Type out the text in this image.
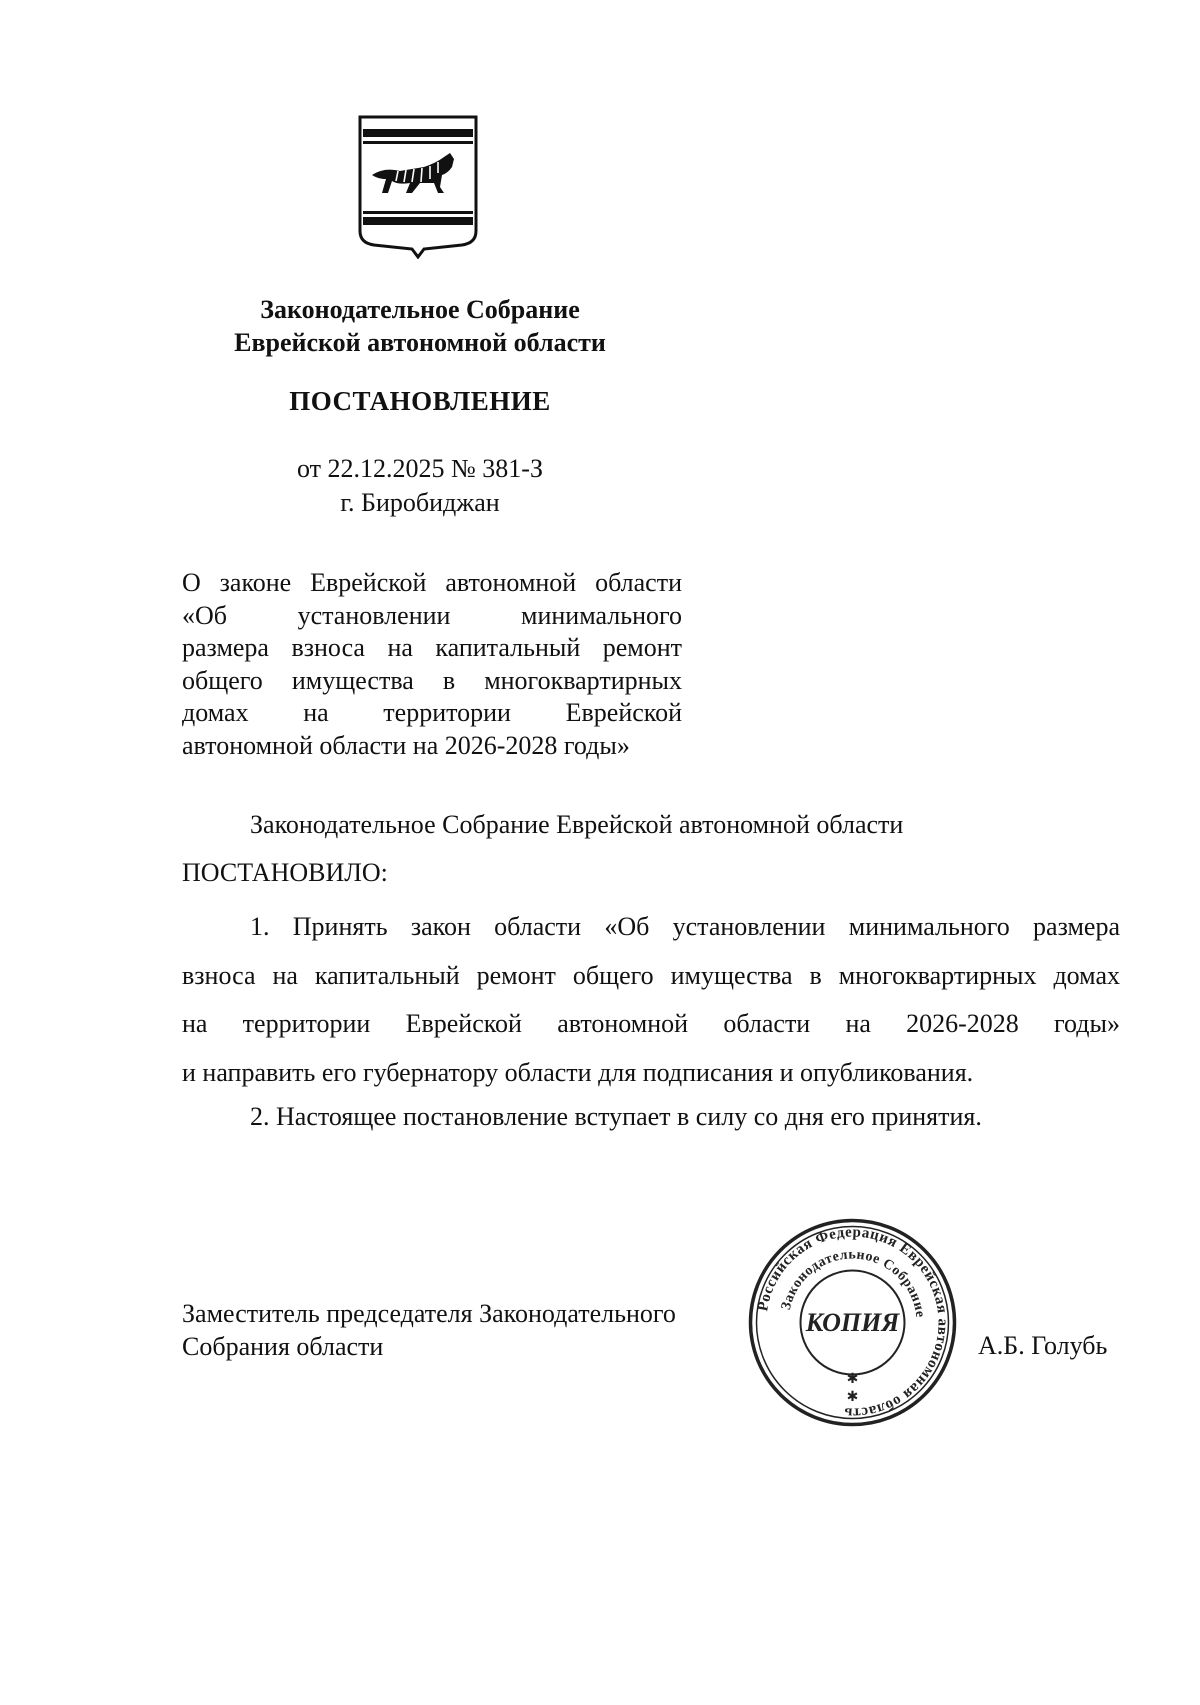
Законодательное Собрание
Еврейской автономной области
ПОСТАНОВЛЕНИЕ
от 22.12.2025 № 381-З
г. Биробиджан
О законе Еврейской автономной области
«Об установлении минимального
размера взноса на капитальный ремонт
общего имущества в многоквартирных
домах на территории Еврейской
автономной области на 2026-2028 годы»
Законодательное Собрание Еврейской автономной области
ПОСТАНОВИЛО:
1. Принять закон области «Об установлении минимального размера
взноса на капитальный ремонт общего имущества в многоквартирных домах
на территории Еврейской автономной области на 2026-2028 годы»
и направить его губернатору области для подписания и опубликования.
2. Настоящее постановление вступает в силу со дня его принятия.
Заместитель председателя Законодательного
Собрания области	А.Б. Голубь
Российская Федерация Еврейская автономная область
Законодательное Собрание
КОПИЯ
✱
✱
